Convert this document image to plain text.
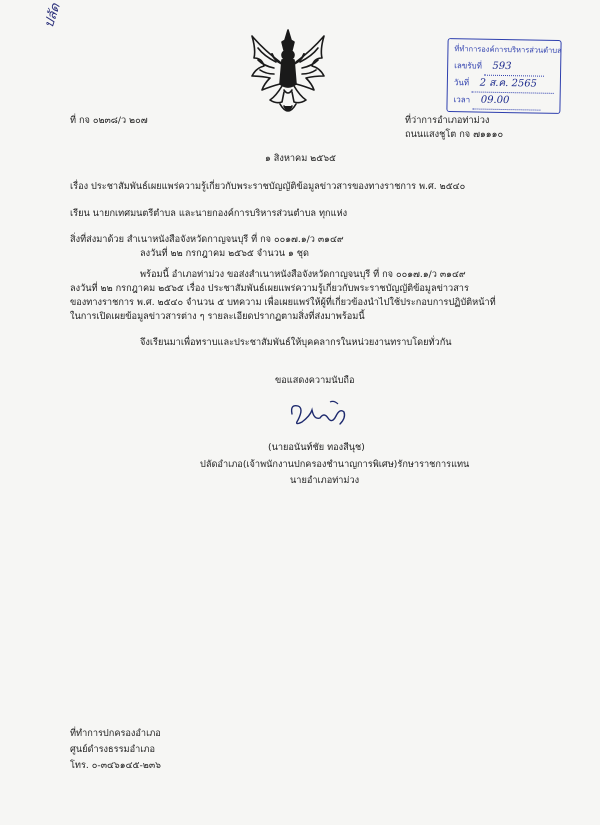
ปลัด
ที่ กจ ๐๒๓๘/ว ๒๐๗	ที่ว่าการอำเภอท่าม่วง
ถนนแสงชูโต กจ ๗๑๑๑๐
ที่ทำการองค์การบริหารส่วนตำบล
เลขรับที่ 593
วันที่ 2 ส.ค. 2565
เวลา 09.00
๑ สิงหาคม ๒๕๖๕
เรื่อง ประชาสัมพันธ์เผยแพร่ความรู้เกี่ยวกับพระราชบัญญัติข้อมูลข่าวสารของทางราชการ พ.ศ. ๒๕๔๐
เรียน นายกเทศมนตรีตำบล และนายกองค์การบริหารส่วนตำบล ทุกแห่ง
สิ่งที่ส่งมาด้วย สำเนาหนังสือจังหวัดกาญจนบุรี ที่ กจ ๐๐๑๗.๑/ว ๓๑๔๙
ลงวันที่ ๒๒ กรกฎาคม ๒๕๖๕ จำนวน ๑ ชุด
พร้อมนี้ อำเภอท่าม่วง ขอส่งสำเนาหนังสือจังหวัดกาญจนบุรี ที่ กจ ๐๐๑๗.๑/ว ๓๑๔๙
ลงวันที่ ๒๒ กรกฎาคม ๒๕๖๕ เรื่อง ประชาสัมพันธ์เผยแพร่ความรู้เกี่ยวกับพระราชบัญญัติข้อมูลข่าวสาร
ของทางราชการ พ.ศ. ๒๕๔๐ จำนวน ๕ บทความ เพื่อเผยแพร่ให้ผู้ที่เกี่ยวข้องนำไปใช้ประกอบการปฏิบัติหน้าที่
ในการเปิดเผยข้อมูลข่าวสารต่าง ๆ รายละเอียดปรากฏตามสิ่งที่ส่งมาพร้อมนี้
จึงเรียนมาเพื่อทราบและประชาสัมพันธ์ให้บุคคลากรในหน่วยงานทราบโดยทั่วกัน
ขอแสดงความนับถือ
(นายอนันท์ชัย ทองสีนุช)
ปลัดอำเภอ(เจ้าพนักงานปกครองชำนาญการพิเศษ)รักษาราชการแทน
นายอำเภอท่าม่วง
ที่ทำการปกครองอำเภอ
ศูนย์ดำรงธรรมอำเภอ
โทร. ๐-๓๔๖๑๔๕-๒๓๖
